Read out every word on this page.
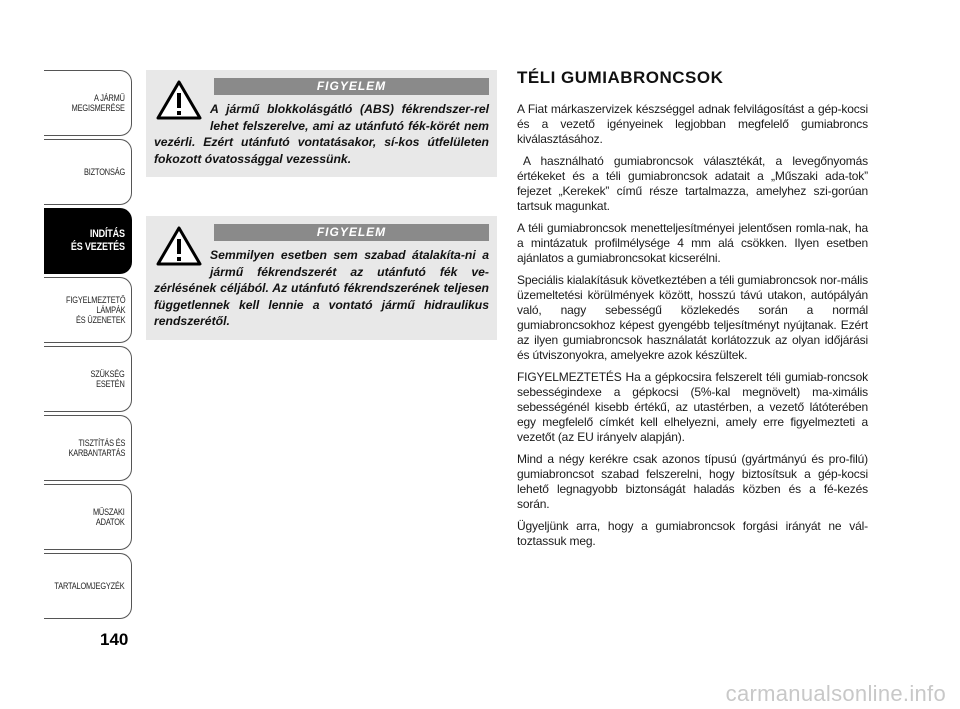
A JÁRMŰ
MEGISMERÉSE
BIZTONSÁG
INDÍTÁS
ÉS VEZETÉS
FIGYELMEZTETŐ
LÁMPÁK
ÉS ÜZENETEK
SZÜKSÉG
ESETÉN
TISZTÍTÁS ÉS
KARBANTARTÁS
MŰSZAKI
ADATOK
TARTALOMJEGYZÉK
140
FIGYELEM
A jármű blokkolásgátló (ABS) fékrendszer-rel lehet felszerelve, ami az utánfutó fék-körét nem vezérli. Ezért utánfutó vontatásakor, sí-kos útfelületen fokozott óvatossággal vezessünk.
FIGYELEM
Semmilyen esetben sem szabad átalakíta-ni a jármű fékrendszerét az utánfutó fék ve-zérlésének céljából. Az utánfutó fékrendszerének teljesen függetlennek kell lennie a vontató jármű hidraulikus rendszerétől.
TÉLI GUMIABRONCSOK

A Fiat márkaszervizek készséggel adnak felvilágosítást a gép-kocsi és a vezető igényeinek legjobban megfelelő gumiabroncs kiválasztásához.

A használható gumiabroncsok választékát, a levegőnyomás értékeket és a téli gumiabroncsok adatait a „Műszaki ada-tok” fejezet „Kerekek” című része tartalmazza, amelyhez szi-gorúan tartsuk magunkat.

A téli gumiabroncsok menetteljesítményei jelentősen romla-nak, ha a mintázatuk profilmélysége 4 mm alá csökken. Ilyen esetben ajánlatos a gumiabroncsokat kicserélni.

Speciális kialakításuk következtében a téli gumiabroncsok nor-mális üzemeltetési körülmények között, hosszú távú utakon, autópályán való, nagy sebességű közlekedés során a normál gumiabroncsokhoz képest gyengébb teljesítményt nyújtanak. Ezért az ilyen gumiabroncsok használatát korlátozzuk az olyan időjárási és útviszonyokra, amelyekre azok készültek.

FIGYELMEZTETÉS Ha a gépkocsira felszerelt téli gumiab-roncsok sebességindexe a gépkocsi (5%-kal megnövelt) ma-ximális sebességénél kisebb értékű, az utastérben, a vezető látóterében egy megfelelő címkét kell elhelyezni, amely erre figyelmezteti a vezetőt (az EU irányelv alapján).

Mind a négy kerékre csak azonos típusú (gyártmányú és pro-filú) gumiabroncsot szabad felszerelni, hogy biztosítsuk a gép-kocsi lehető legnagyobb biztonságát haladás közben és a fé-kezés során.

Ügyeljünk arra, hogy a gumiabroncsok forgási irányát ne vál-toztassuk meg.

carmanualsonline.info
